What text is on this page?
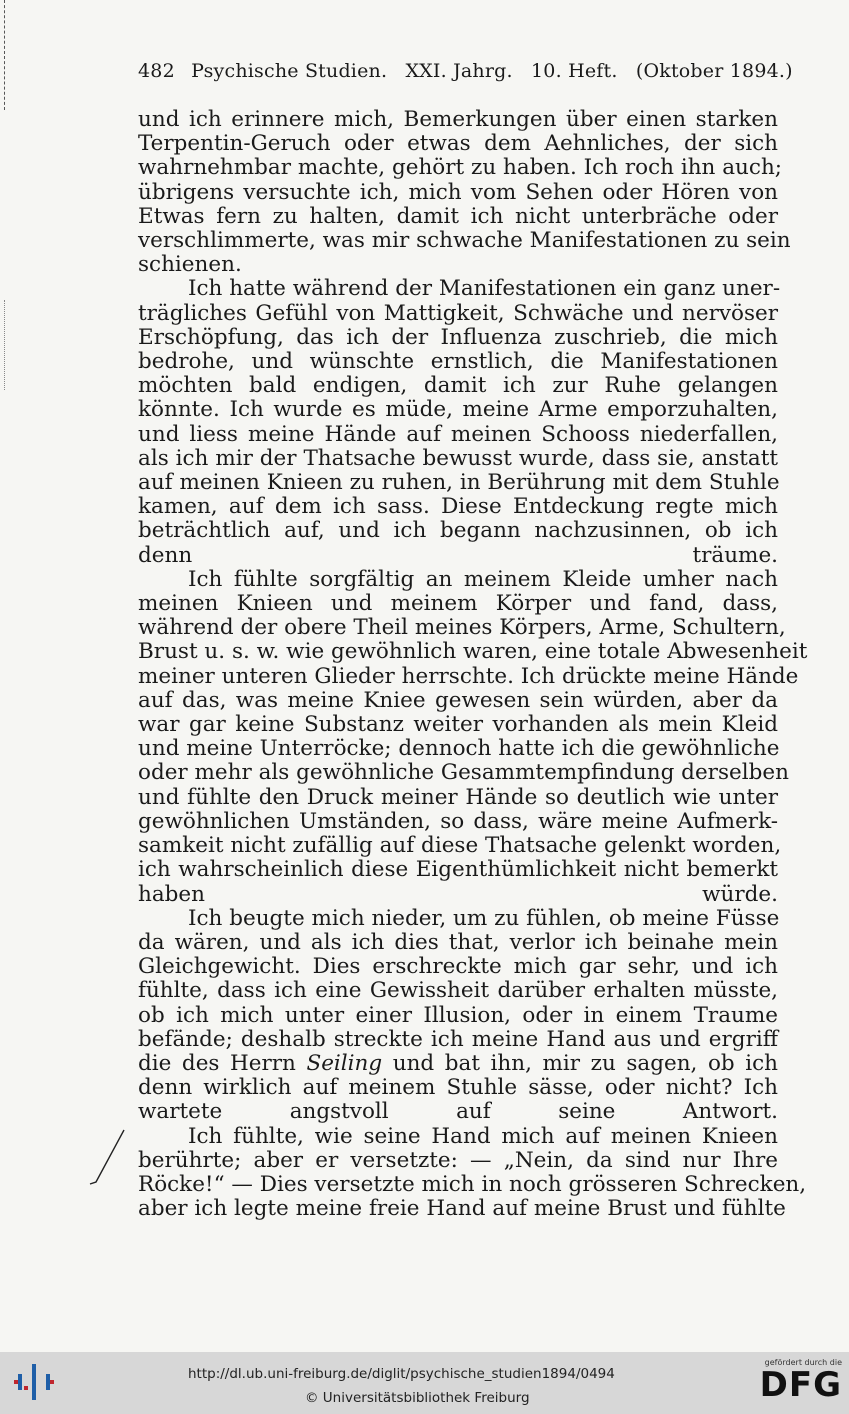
482 Psychische Studien. XXI. Jahrg. 10. Heft. (Oktober 1894.)

und ich erinnere mich, Bemerkungen über einen starken
Terpentin-Geruch oder etwas dem Aehnliches, der sich
wahrnehmbar machte, gehört zu haben. Ich roch ihn auch;
übrigens versuchte ich, mich vom Sehen oder Hören von
Etwas fern zu halten, damit ich nicht unterbräche oder
verschlimmerte, was mir schwache Manifestationen zu sein
schienen.

Ich hatte während der Manifestationen ein ganz uner-
trägliches Gefühl von Mattigkeit, Schwäche und nervöser
Erschöpfung, das ich der Influenza zuschrieb, die mich
bedrohe, und wünschte ernstlich, die Manifestationen
möchten bald endigen, damit ich zur Ruhe gelangen
könnte. Ich wurde es müde, meine Arme emporzuhalten,
und liess meine Hände auf meinen Schooss niederfallen,
als ich mir der Thatsache bewusst wurde, dass sie, anstatt
auf meinen Knieen zu ruhen, in Berührung mit dem Stuhle
kamen, auf dem ich sass. Diese Entdeckung regte mich
beträchtlich auf, und ich begann nachzusinnen, ob ich
denn träume.

Ich fühlte sorgfältig an meinem Kleide umher nach
meinen Knieen und meinem Körper und fand, dass,
während der obere Theil meines Körpers, Arme, Schultern,
Brust u. s. w. wie gewöhnlich waren, eine totale Abwesenheit
meiner unteren Glieder herrschte. Ich drückte meine Hände
auf das, was meine Kniee gewesen sein würden, aber da
war gar keine Substanz weiter vorhanden als mein Kleid
und meine Unterröcke; dennoch hatte ich die gewöhnliche
oder mehr als gewöhnliche Gesammtempfindung derselben
und fühlte den Druck meiner Hände so deutlich wie unter
gewöhnlichen Umständen, so dass, wäre meine Aufmerk-
samkeit nicht zufällig auf diese Thatsache gelenkt worden,
ich wahrscheinlich diese Eigenthümlichkeit nicht bemerkt
haben würde.

Ich beugte mich nieder, um zu fühlen, ob meine Füsse
da wären, und als ich dies that, verlor ich beinahe mein
Gleichgewicht. Dies erschreckte mich gar sehr, und ich
fühlte, dass ich eine Gewissheit darüber erhalten müsste,
ob ich mich unter einer Illusion, oder in einem Traume
befände; deshalb streckte ich meine Hand aus und ergriff
die des Herrn Seiling und bat ihn, mir zu sagen, ob ich
denn wirklich auf meinem Stuhle sässe, oder nicht? Ich
wartete angstvoll auf seine Antwort.

Ich fühlte, wie seine Hand mich auf meinen Knieen
berührte; aber er versetzte: — „Nein, da sind nur Ihre
Röcke!“ — Dies versetzte mich in noch grösseren Schrecken,
aber ich legte meine freie Hand auf meine Brust und fühlte

http://dl.ub.uni-freiburg.de/diglit/psychische_studien1894/0494
© Universitätsbibliothek Freiburg
gefördert durch die
DFG
